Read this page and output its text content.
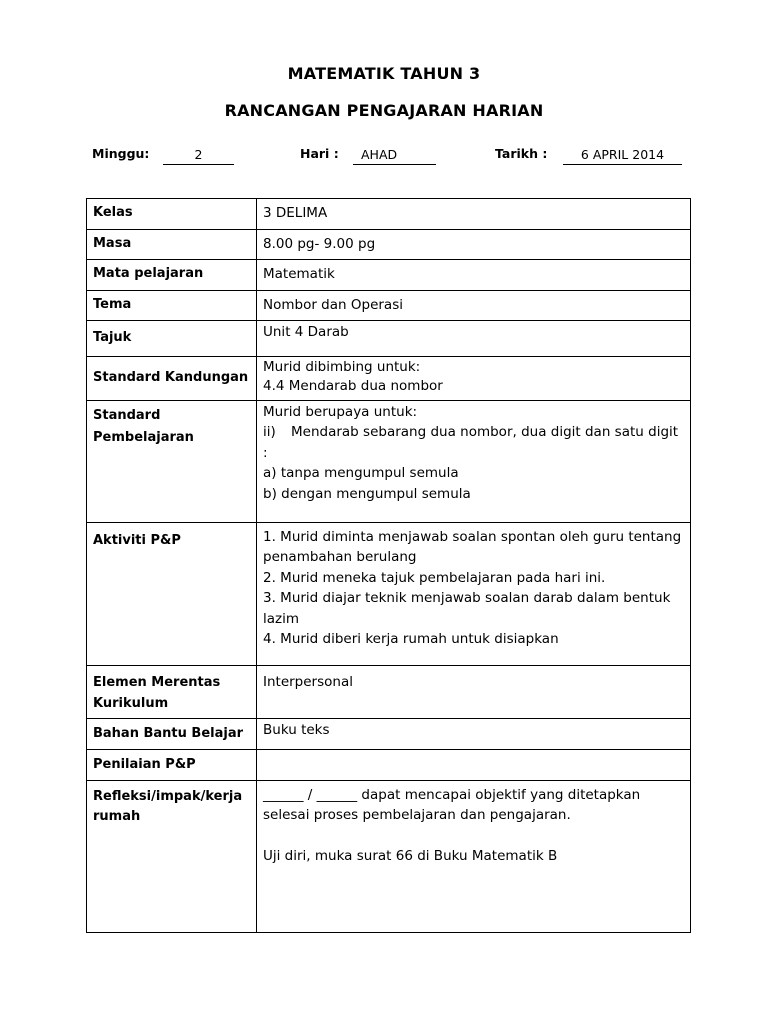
MATEMATIK TAHUN 3
RANCANGAN PENGAJARAN HARIAN
Minggu:	2	Hari :	AHAD	Tarikh :	6 APRIL 2014
Kelas	3 DELIMA
Masa	8.00 pg- 9.00 pg
Mata pelajaran	Matematik
Tema	Nombor dan Operasi
Tajuk	Unit 4 Darab
Standard Kandungan	Murid dibimbing untuk:
4.4 Mendarab dua nombor

Standard
Pembelajaran	Murid berupaya untuk:
ii) Mendarab sebarang dua nombor, dua digit dan satu digit :
a) tanpa mengumpul semula
b) dengan mengumpul semula

Aktiviti P&P	1. Murid diminta menjawab soalan spontan oleh guru tentang penambahan berulang
2. Murid meneka tajuk pembelajaran pada hari ini.
3. Murid diajar teknik menjawab soalan darab dalam bentuk lazim
4. Murid diberi kerja rumah untuk disiapkan

Elemen Merentas
Kurikulum	Interpersonal
Bahan Bantu Belajar	Buku teks
Penilaian P&P	

Refleksi/impak/kerja
rumah	______ / ______ dapat mencapai objektif yang ditetapkan selesai proses pembelajaran dan pengajaran.
Uji diri, muka surat 66 di Buku Matematik B
